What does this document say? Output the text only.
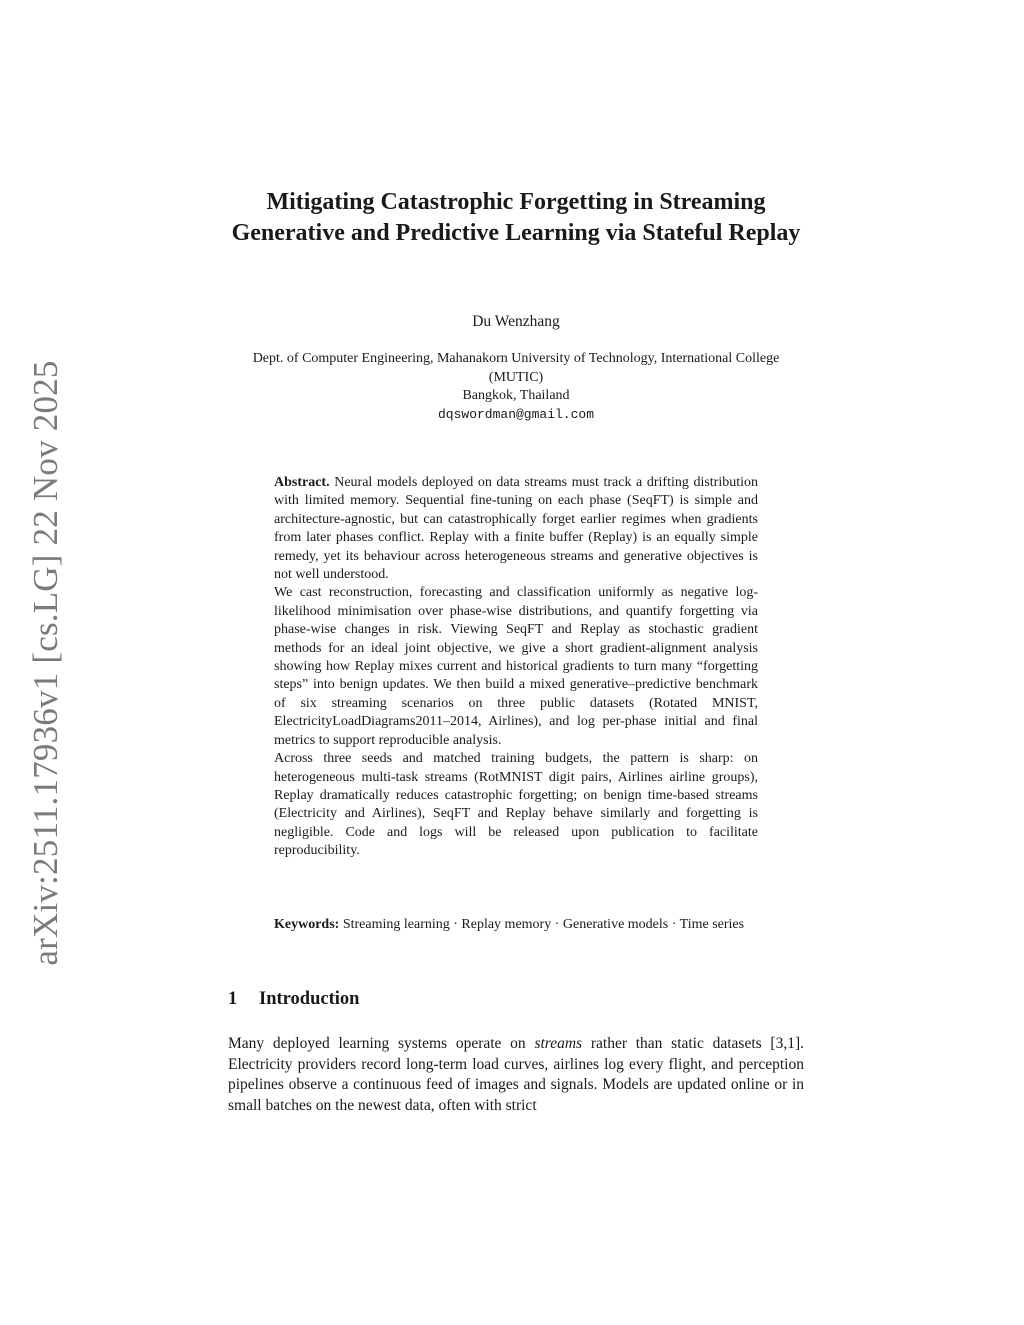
arXiv:2511.17936v1 [cs.LG] 22 Nov 2025
Mitigating Catastrophic Forgetting in Streaming Generative and Predictive Learning via Stateful Replay
Du Wenzhang
Dept. of Computer Engineering, Mahanakorn University of Technology, International College (MUTIC)
Bangkok, Thailand
dqswordman@gmail.com

Abstract. Neural models deployed on data streams must track a drifting distribution with limited memory. Sequential fine-tuning on each phase (SeqFT) is simple and architecture-agnostic, but can catastrophically forget earlier regimes when gradients from later phases conflict. Replay with a finite buffer (Replay) is an equally simple remedy, yet its behaviour across heterogeneous streams and generative objectives is not well understood.

We cast reconstruction, forecasting and classification uniformly as negative log-likelihood minimisation over phase-wise distributions, and quantify forgetting via phase-wise changes in risk. Viewing SeqFT and Replay as stochastic gradient methods for an ideal joint objective, we give a short gradient-alignment analysis showing how Replay mixes current and historical gradients to turn many “forgetting steps” into benign updates. We then build a mixed generative–predictive benchmark of six streaming scenarios on three public datasets (Rotated MNIST, ElectricityLoadDiagrams2011–2014, Airlines), and log per-phase initial and final metrics to support reproducible analysis.

Across three seeds and matched training budgets, the pattern is sharp: on heterogeneous multi-task streams (RotMNIST digit pairs, Airlines airline groups), Replay dramatically reduces catastrophic forgetting; on benign time-based streams (Electricity and Airlines), SeqFT and Replay behave similarly and forgetting is negligible. Code and logs will be released upon publication to facilitate reproducibility.

Keywords: Streaming learning · Replay memory · Generative models · Time series
1 Introduction

Many deployed learning systems operate on streams rather than static datasets [3,1]. Electricity providers record long-term load curves, airlines log every flight, and perception pipelines observe a continuous feed of images and signals. Models are updated online or in small batches on the newest data, often with strict
